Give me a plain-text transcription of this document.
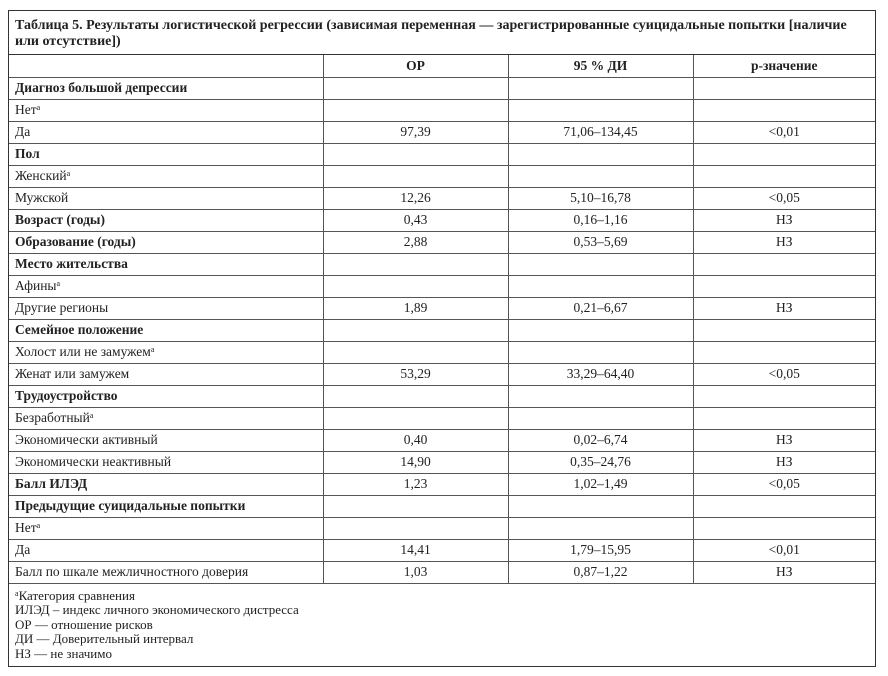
Таблица 5. Результаты логистической регрессии (зависимая переменная — зарегистрированные суицидальные попытки [наличие или отсутствие])
	ОР	95 % ДИ	р-значение
Диагноз большой депрессии			
Нет$^а$			
Да	97,39	71,06–134,45	<0,01
Пол			
Женский$^а$			
Мужской	12,26	5,10–16,78	<0,05
Возраст (годы)	0,43	0,16–1,16	НЗ
Образование (годы)	2,88	0,53–5,69	НЗ
Место жительства			
Афины$^а$			
Другие регионы	1,89	0,21–6,67	НЗ
Семейное положение			
Холост или не замужем$^а$			
Женат или замужем	53,29	33,29–64,40	<0,05
Трудоустройство			
Безработный$^а$			
Экономически активный	0,40	0,02–6,74	НЗ
Экономически неактивный	14,90	0,35–24,76	НЗ
Балл ИЛЭД	1,23	1,02–1,49	<0,05
Предыдущие суицидальные попытки			
Нет$^а$			
Да	14,41	1,79–15,95	<0,01
Балл по шкале межличностного доверия	1,03	0,87–1,22	НЗ
$^а$Категория сравнения
ИЛЭД – индекс личного экономического дистресса
ОР — отношение рисков
ДИ — Доверительный интервал
НЗ — не значимо
